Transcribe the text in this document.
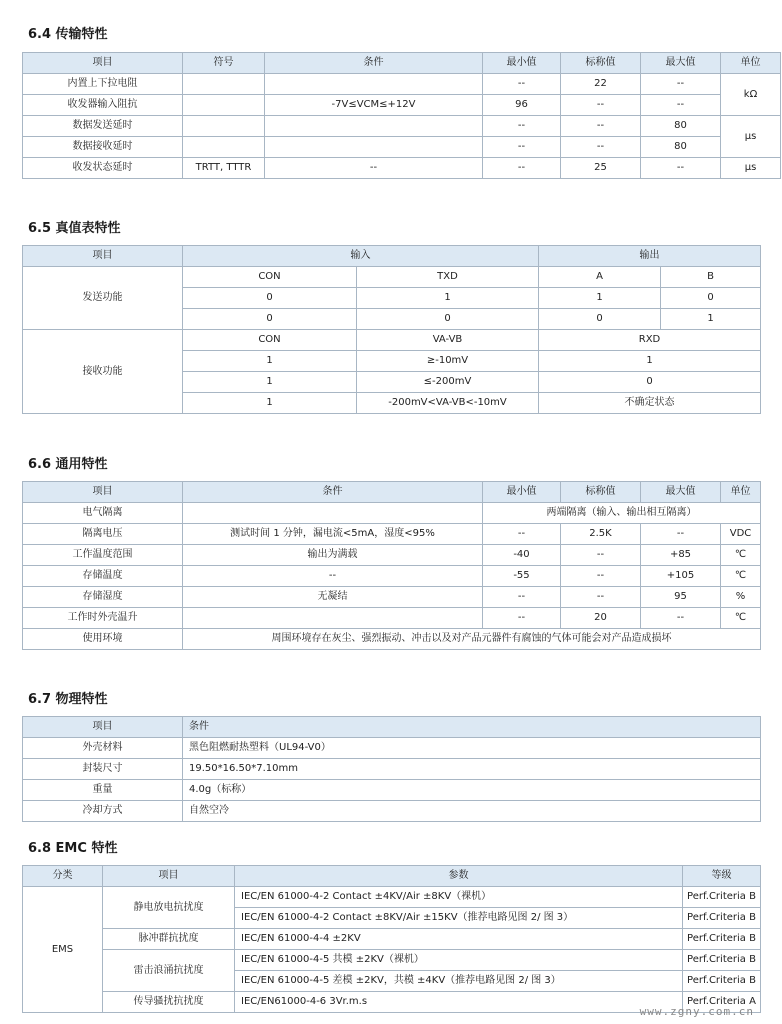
6.4 传输特性
项目	符号	条件	最小值	标称值	最大值	单位
内置上下拉电阻			--	22	--	kΩ
收发器输入阻抗		-7V≤VCM≤+12V	96	--	--	
数据发送延时			--	--	80	μs
数据接收延时			--	--	80	
收发状态延时	TRTT, TTTR	--	--	25	--	μs
6.5 真值表特性
项目	输入		输出	
发送功能	CON	TXD	A	B
	0	1	1	0
	0	0	0	1
接收功能	CON	VA-VB	RXD	
	1	≥-10mV	1	
	1	≤-200mV	0	
	1	-200mV<VA-VB<-10mV	不确定状态	
6.6 通用特性
项目	条件	最小值	标称值	最大值	单位
电气隔离		两端隔离（输入、输出相互隔离）			
隔离电压	测试时间 1 分钟，漏电流<5mA，湿度<95%	--	2.5K	--	VDC
工作温度范围	输出为满载	-40	--	+85	℃
存储温度	--	-55	--	+105	℃
存储湿度	无凝结	--	--	95	%
工作时外壳温升		--	20	--	℃
使用环境	周围环境存在灰尘、强烈振动、冲击以及对产品元器件有腐蚀的气体可能会对产品造成损坏				
6.7 物理特性
项目	条件
外壳材料	黑色阻燃耐热塑料（UL94-V0）
封装尺寸	19.50*16.50*7.10mm
重量	4.0g（标称）
冷却方式	自然空冷
6.8 EMC 特性
分类	项目	参数	等级
EMS	静电放电抗扰度	IEC/EN 61000-4-2 Contact ±4KV/Air ±8KV（裸机）	Perf.Criteria B
		IEC/EN 61000-4-2 Contact ±8KV/Air ±15KV（推荐电路见图 2/ 图 3）	Perf.Criteria B
	脉冲群抗扰度	IEC/EN 61000-4-4 ±2KV	Perf.Criteria B
	雷击浪涌抗扰度	IEC/EN 61000-4-5 共模 ±2KV（裸机）	Perf.Criteria B
		IEC/EN 61000-4-5 差模 ±2KV，共模 ±4KV（推荐电路见图 2/ 图 3）	Perf.Criteria B
	传导骚扰抗扰度	IEC/EN61000-4-6 3Vr.m.s	Perf.Criteria A
www.zgny.com.cn
